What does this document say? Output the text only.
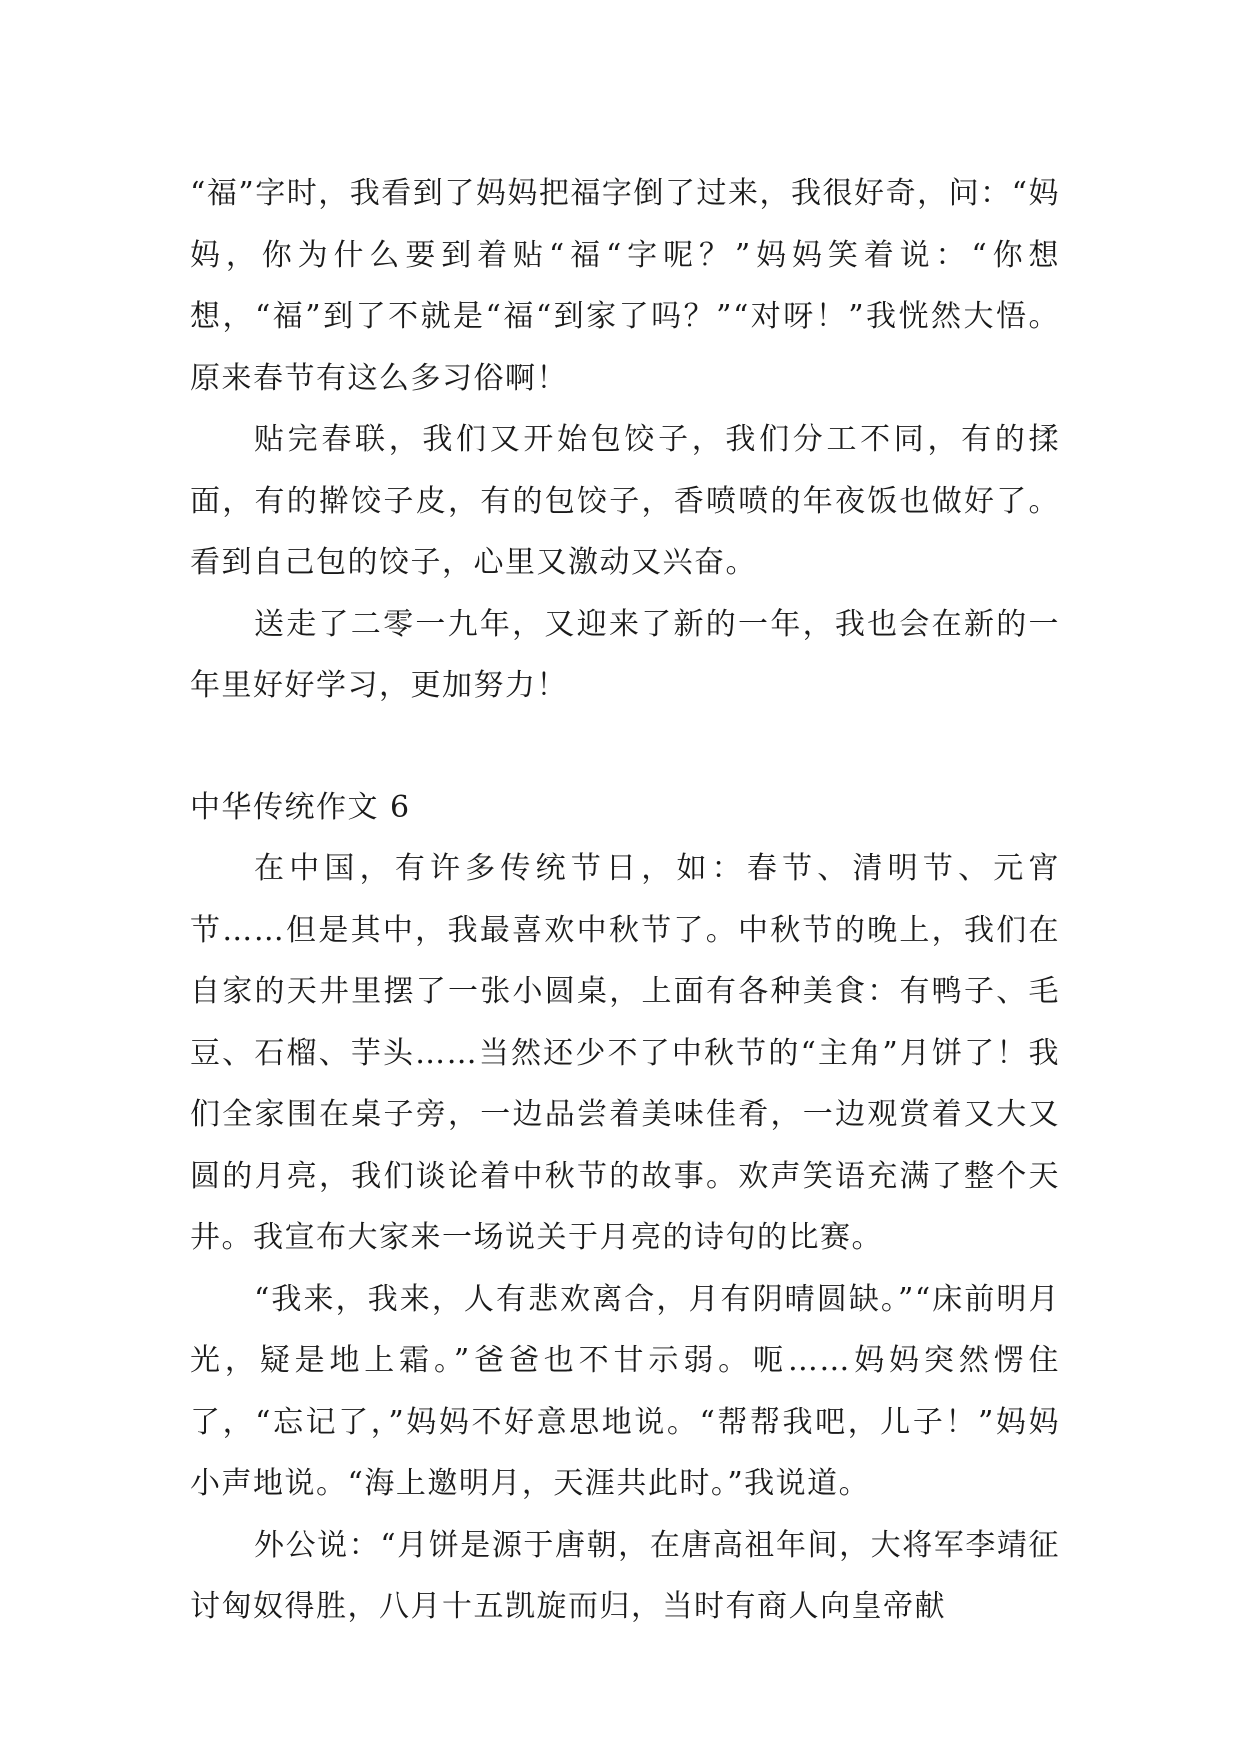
“福”字时，我看到了妈妈把福字倒了过来，我很好奇，问：“妈妈，你为什么要到着贴“福“字呢？”妈妈笑着说：“你想想，“福”到了不就是“福“到家了吗？”“对呀！”我恍然大悟。原来春节有这么多习俗啊！

贴完春联，我们又开始包饺子，我们分工不同，有的揉面，有的擀饺子皮，有的包饺子，香喷喷的年夜饭也做好了。看到自己包的饺子，心里又激动又兴奋。

送走了二零一九年，又迎来了新的一年，我也会在新的一年里好好学习，更加努力！

中华传统作文 6

在中国，有许多传统节日，如：春节、清明节、元宵节……但是其中，我最喜欢中秋节了。中秋节的晚上，我们在自家的天井里摆了一张小圆桌，上面有各种美食：有鸭子、毛豆、石榴、芋头……当然还少不了中秋节的“主角”月饼了！我们全家围在桌子旁，一边品尝着美味佳肴，一边观赏着又大又圆的月亮，我们谈论着中秋节的故事。欢声笑语充满了整个天井。我宣布大家来一场说关于月亮的诗句的比赛。

“我来，我来，人有悲欢离合，月有阴晴圆缺。”“床前明月光，疑是地上霜。”爸爸也不甘示弱。呃……妈妈突然愣住了，“忘记了，”妈妈不好意思地说。“帮帮我吧，儿子！”妈妈小声地说。“海上邀明月，天涯共此时。”我说道。

外公说：“月饼是源于唐朝，在唐高祖年间，大将军李靖征讨匈奴得胜，八月十五凯旋而归，当时有商人向皇帝献
